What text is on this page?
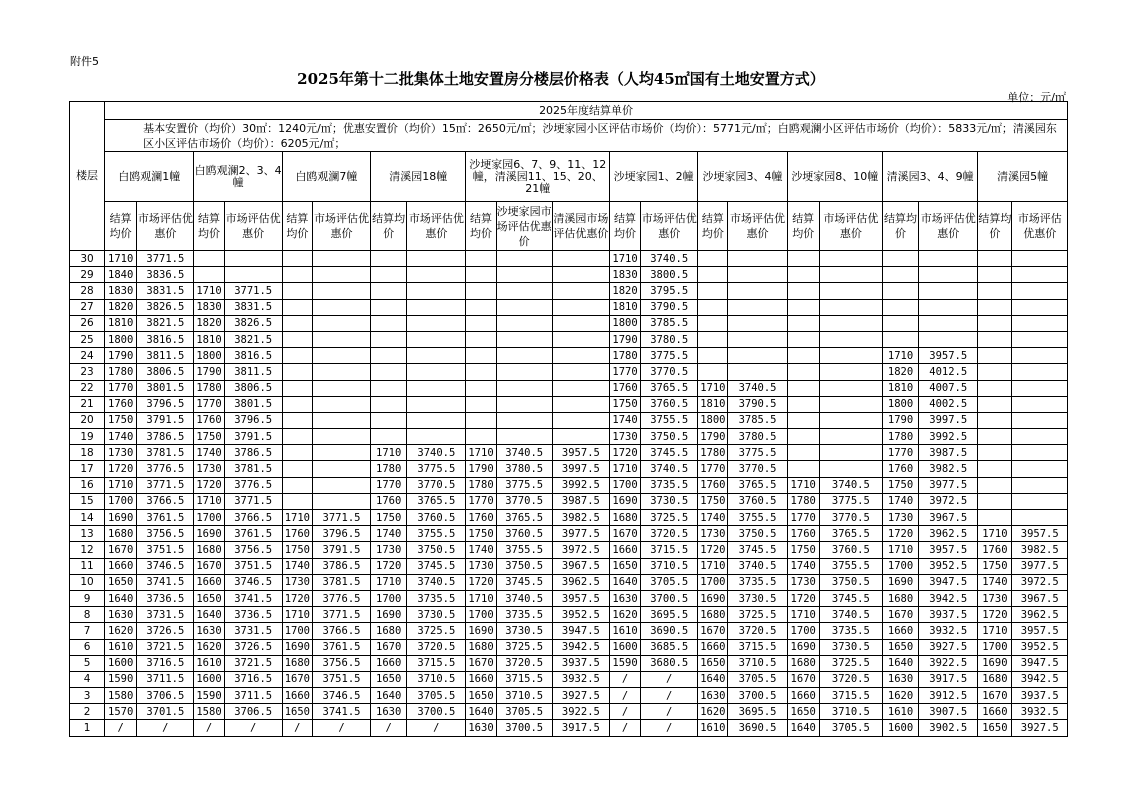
附件5
2025年第十二批集体土地安置房分楼层价格表（人均45㎡国有土地安置方式）
单位：元/㎡
楼层	2025年度结算单价																				
	基本安置价（均价）30㎡：1240元/㎡；优惠安置价（均价）15㎡：2650元/㎡；沙埂家园小区评估市场价（均价）：5771元/㎡；白鸥观澜小区评估市场价（均价）：5833元/㎡；清溪园东区小区评估市场价（均价）：6205元/㎡；																				
	白鸥观澜1幢		白鸥观澜2、3、4幢		白鸥观澜7幢		清溪园18幢		沙埂家园6、7、9、11、12幢，清溪园11、15、20、21幢			沙埂家园1、2幢		沙埂家园3、4幢		沙埂家园8、10幢		清溪园3、4、9幢		清溪园5幢	
	结算均价	市场评估优惠价	结算均价	市场评估优惠价	结算均价	市场评估优惠价	结算均价	市场评估优惠价	结算均价	沙埂家园市场评估优惠价	清溪园市场评估优惠价	结算均价	市场评估优惠价	结算均价	市场评估优惠价	结算均价	市场评估优惠价	结算均价	市场评估优惠价	结算均价	市场评估优惠价
30	1710	3771.5										1710	3740.5								
29	1840	3836.5										1830	3800.5								
28	1830	3831.5	1710	3771.5								1820	3795.5								
27	1820	3826.5	1830	3831.5								1810	3790.5								
26	1810	3821.5	1820	3826.5								1800	3785.5								
25	1800	3816.5	1810	3821.5								1790	3780.5								
24	1790	3811.5	1800	3816.5								1780	3775.5					1710	3957.5		
23	1780	3806.5	1790	3811.5								1770	3770.5					1820	4012.5		
22	1770	3801.5	1780	3806.5								1760	3765.5	1710	3740.5			1810	4007.5		
21	1760	3796.5	1770	3801.5								1750	3760.5	1810	3790.5			1800	4002.5		
20	1750	3791.5	1760	3796.5								1740	3755.5	1800	3785.5			1790	3997.5		
19	1740	3786.5	1750	3791.5								1730	3750.5	1790	3780.5			1780	3992.5		
18	1730	3781.5	1740	3786.5			1710	3740.5	1710	3740.5	3957.5	1720	3745.5	1780	3775.5			1770	3987.5		
17	1720	3776.5	1730	3781.5			1780	3775.5	1790	3780.5	3997.5	1710	3740.5	1770	3770.5			1760	3982.5		
16	1710	3771.5	1720	3776.5			1770	3770.5	1780	3775.5	3992.5	1700	3735.5	1760	3765.5	1710	3740.5	1750	3977.5		
15	1700	3766.5	1710	3771.5			1760	3765.5	1770	3770.5	3987.5	1690	3730.5	1750	3760.5	1780	3775.5	1740	3972.5		
14	1690	3761.5	1700	3766.5	1710	3771.5	1750	3760.5	1760	3765.5	3982.5	1680	3725.5	1740	3755.5	1770	3770.5	1730	3967.5		
13	1680	3756.5	1690	3761.5	1760	3796.5	1740	3755.5	1750	3760.5	3977.5	1670	3720.5	1730	3750.5	1760	3765.5	1720	3962.5	1710	3957.5
12	1670	3751.5	1680	3756.5	1750	3791.5	1730	3750.5	1740	3755.5	3972.5	1660	3715.5	1720	3745.5	1750	3760.5	1710	3957.5	1760	3982.5
11	1660	3746.5	1670	3751.5	1740	3786.5	1720	3745.5	1730	3750.5	3967.5	1650	3710.5	1710	3740.5	1740	3755.5	1700	3952.5	1750	3977.5
10	1650	3741.5	1660	3746.5	1730	3781.5	1710	3740.5	1720	3745.5	3962.5	1640	3705.5	1700	3735.5	1730	3750.5	1690	3947.5	1740	3972.5
9	1640	3736.5	1650	3741.5	1720	3776.5	1700	3735.5	1710	3740.5	3957.5	1630	3700.5	1690	3730.5	1720	3745.5	1680	3942.5	1730	3967.5
8	1630	3731.5	1640	3736.5	1710	3771.5	1690	3730.5	1700	3735.5	3952.5	1620	3695.5	1680	3725.5	1710	3740.5	1670	3937.5	1720	3962.5
7	1620	3726.5	1630	3731.5	1700	3766.5	1680	3725.5	1690	3730.5	3947.5	1610	3690.5	1670	3720.5	1700	3735.5	1660	3932.5	1710	3957.5
6	1610	3721.5	1620	3726.5	1690	3761.5	1670	3720.5	1680	3725.5	3942.5	1600	3685.5	1660	3715.5	1690	3730.5	1650	3927.5	1700	3952.5
5	1600	3716.5	1610	3721.5	1680	3756.5	1660	3715.5	1670	3720.5	3937.5	1590	3680.5	1650	3710.5	1680	3725.5	1640	3922.5	1690	3947.5
4	1590	3711.5	1600	3716.5	1670	3751.5	1650	3710.5	1660	3715.5	3932.5	/	/	1640	3705.5	1670	3720.5	1630	3917.5	1680	3942.5
3	1580	3706.5	1590	3711.5	1660	3746.5	1640	3705.5	1650	3710.5	3927.5	/	/	1630	3700.5	1660	3715.5	1620	3912.5	1670	3937.5
2	1570	3701.5	1580	3706.5	1650	3741.5	1630	3700.5	1640	3705.5	3922.5	/	/	1620	3695.5	1650	3710.5	1610	3907.5	1660	3932.5
1	/	/	/	/	/	/	/	/	1630	3700.5	3917.5	/	/	1610	3690.5	1640	3705.5	1600	3902.5	1650	3927.5
